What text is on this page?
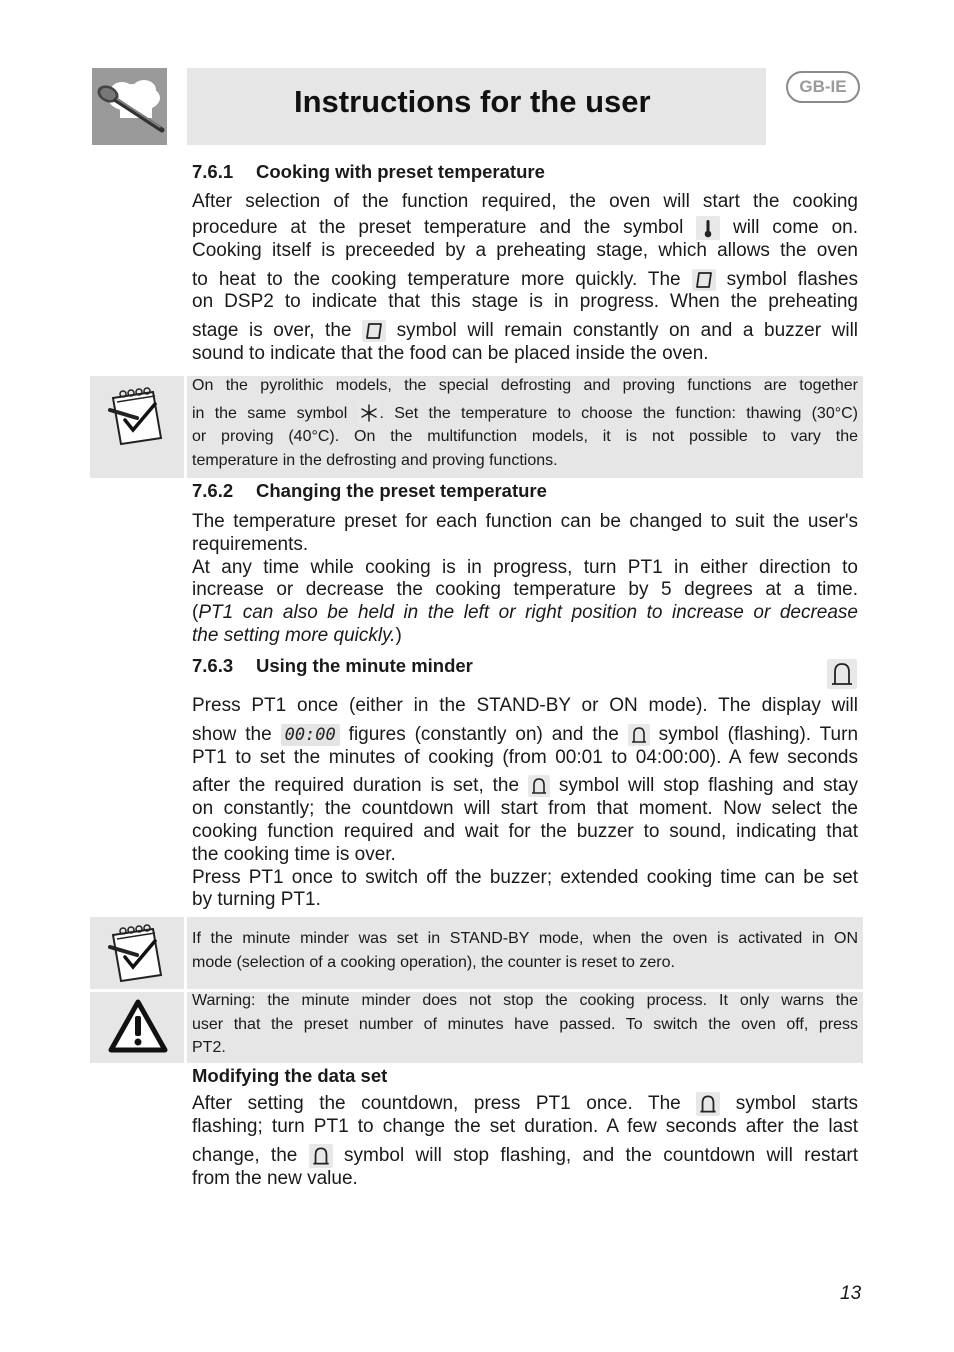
Instructions for the user	GB-IE
7.6.1 Cooking with preset temperature
After selection of the function required, the oven will start the cooking
procedure at the preset temperature and the symbol	will come on.
Cooking itself is preceeded by a preheating stage, which allows the oven
to heat to the cooking temperature more quickly. The symbol flashes
on DSP2 to indicate that this stage is in progress. When the preheating
stage is over, the symbol will remain constantly on and a buzzer will
sound to indicate that the food can be placed inside the oven.
On the pyrolithic models, the special defrosting and proving functions are together
in the same symbol . Set the temperature to choose the function: thawing (30°C)
or proving (40°C). On the multifunction models, it is not possible to vary the
temperature in the defrosting and proving functions.
7.6.2 Changing the preset temperature
The temperature preset for each function can be changed to suit the user's
requirements.
At any time while cooking is in progress, turn PT1 in either direction to
increase or decrease the cooking temperature by 5 degrees at a time.
(PT1 can also be held in the left or right position to increase or decrease
the setting more quickly.)
7.6.3 Using the minute minder
Press PT1 once (either in the STAND-BY or ON mode). The display will
show the 00:00 figures (constantly on) and the symbol (flashing). Turn
PT1 to set the minutes of cooking (from 00:01 to 04:00:00). A few seconds
after the required duration is set, the symbol will stop flashing and stay
on constantly; the countdown will start from that moment. Now select the
cooking function required and wait for the buzzer to sound, indicating that
the cooking time is over.
Press PT1 once to switch off the buzzer; extended cooking time can be set
by turning PT1.
If the minute minder was set in STAND-BY mode, when the oven is activated in ON
mode (selection of a cooking operation), the counter is reset to zero.
Warning: the minute minder does not stop the cooking process. It only warns the
user that the preset number of minutes have passed. To switch the oven off, press
PT2.
Modifying the data set
After setting the countdown, press PT1 once. The	symbol starts
flashing; turn PT1 to change the set duration. A few seconds after the last
change, the symbol will stop flashing, and the countdown will restart
from the new value.
13
